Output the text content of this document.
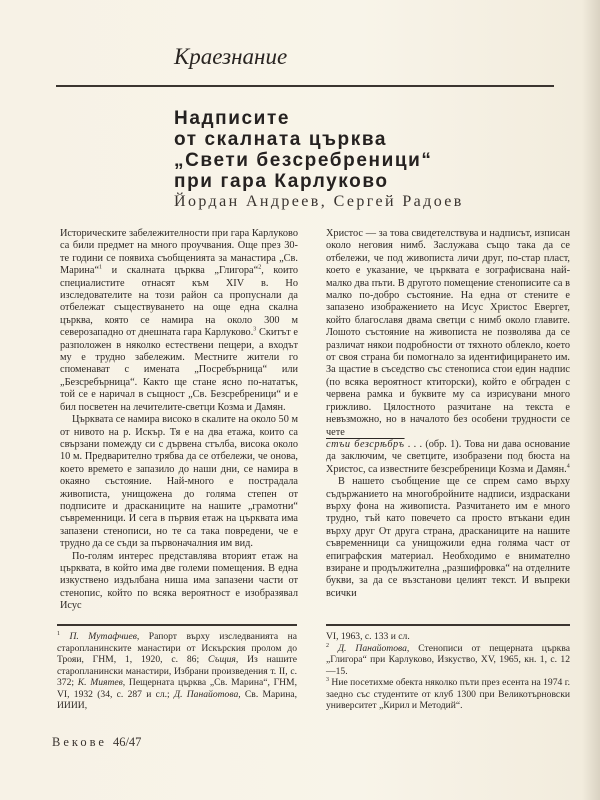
Краезнание
Надписите
от скалната църква
„Свети безсребреници“
при гара Карлуково
Йордан Андреев, Сергей Радоев

Историческите забележителности при гара Карлуково са били предмет на много проучвания. Още през 30-те години се появиха съобщенията за манастира „Св. Марина“$^1$ и скалната църква „Глигора“$^2$, които специалистите отнасят към XIV в. Но изследователите на този район са пропуснали да отбележат съществуването на още една скална църква, която се намира на около 300 м северозападно от днешната гара Карлуково.$^3$ Скитът е разположен в няколко естествени пещери, а входът му е трудно забележим. Местните жители го споменават с имената „Посребърница“ или „Безсребърница“. Както ще стане ясно по-нататък, той се е наричал в същност „Св. Безсребреници“ и е бил посветен на лечителите-светци Козма и Дамян.

Църквата се намира високо в скалите на около 50 м от нивото на р. Искър. Тя е на два етажа, които са свързани помежду си с дървена стълба, висока около 10 м. Предварително трябва да се отбележи, че онова, което времето е запазило до наши дни, се намира в окаяно състояние. Най-много е пострадала живописта, унищожена до голяма степен от подписите и драсканиците на нашите „грамотни“ съвременници. И сега в първия етаж на църквата има запазени стенописи, но те са така повредени, че е трудно да се съди за първоначалния им вид.

По-голям интерес представлява вторият етаж на църквата, в който има две големи помещения. В една изкуствено издълбана ниша има запазени части от стенопис, който по всяка вероятност е изобразявал Исус

Христос — за това свидетелствува и надписът, изписан около неговия нимб. Заслужава също така да се отбележи, че под живописта личи друг, по-стар пласт, което е указание, че църквата е зографисвана най-малко два пъти. В другото помещение стенописите са в малко по-добро състояние. На една от стените е запазено изображението на Исус Христос Евергет, който благославя двама светци с нимб около главите. Лошото състояние на живописта не позволява да се различат някои подробности от тяхното облекло, което от своя страна би помогнало за идентифицирането им. За щастие в съседство със стенописа стои един надпис (по всяка вероятност ктиторски), който е обграден с червена рамка и буквите му са изрисувани много грижливо. Цялостното разчитане на текста е невъзможно, но в началото без особени трудности се чете
стъи безсрѣбръ . . . (обр. 1). Това ни дава основание да заключим, че светците, изобразени под бюста на Христос, са известните безсребреници Козма и Дамян.$^4$

В нашето съобщение ще се спрем само върху съдържанието на многобройните надписи, издраскани върху фона на живописта. Разчитането им е много трудно, тъй като повечето са просто втъкани един върху друг От друга страна, драсканиците на нашите съвременници са унищожили една голяма част от епиграфския материал. Необходимо е внимателно взиране и продължителна „разшифровка“ на отделните букви, за да се възстанови целият текст. И въпреки всички

$^1$ П. Мутафчиев, Рапорт върху изследванията на старопланинските манастири от Искърския пролом до Трояи, ГНМ, 1, 1920, с. 86; Същия, Из нашите старопланински манастири, Избрани произведения т. II, с. 372; К. Миятев, Пещерната църква „Св. Марина“, ГНМ, VI, 1932 (34, с. 287 и сл.; Д. Панайотова, Св. Марина, ИИИИ,

VI, 1963, с. 133 и сл.

$^2$ Д. Панайотова, Стенописи от пещерната църква „Глигора“ при Карлуково, Изкуство, XV, 1965, кн. 1, с. 12—15.

$^3$ Ние посетихме обекта няколко пъти през есента на 1974 г. заедно със студентите от клуб 1300 при Великотърновски университет „Кирил и Методий“.

Векове 46/47
